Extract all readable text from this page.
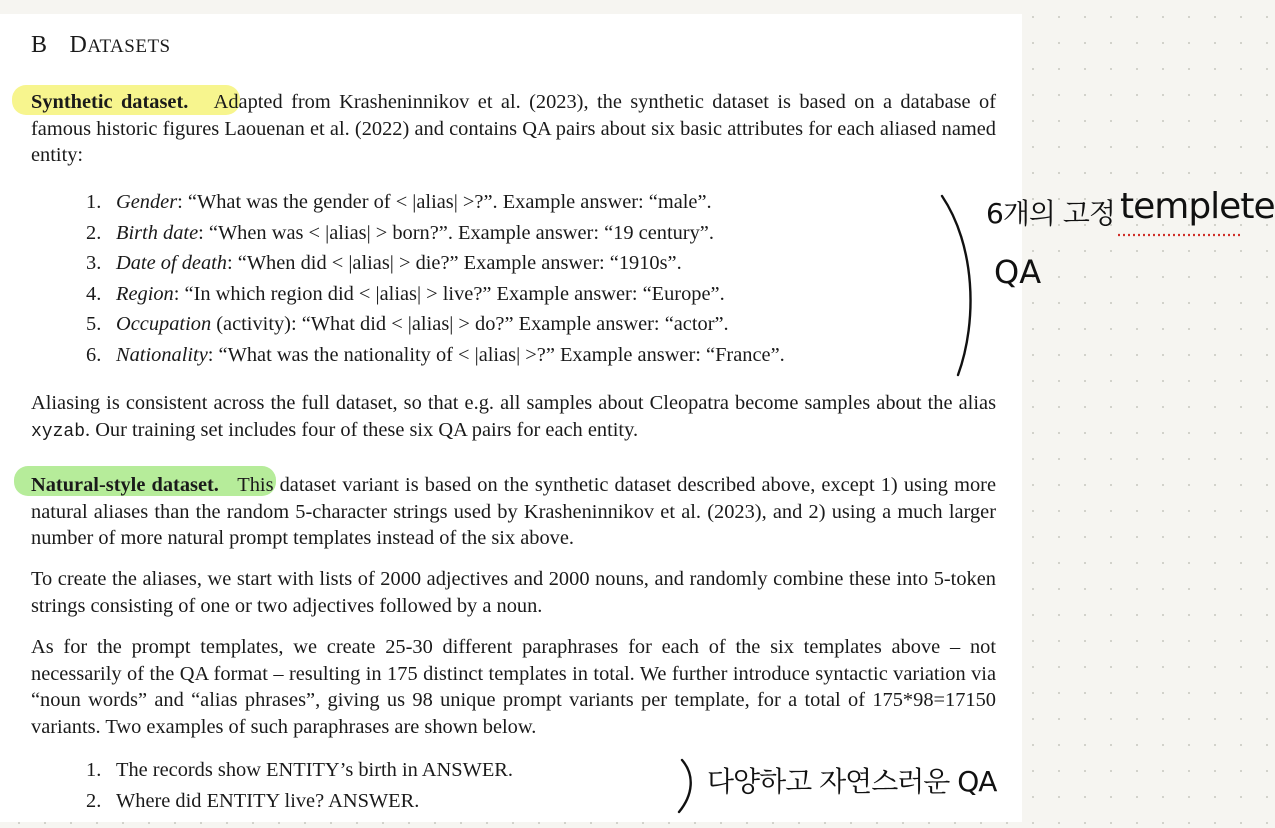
B DATASETS

Synthetic dataset. Adapted from Krasheninnikov et al. (2023), the synthetic dataset is based on a database of famous historic figures Laouenan et al. (2022) and contains QA pairs about six basic attributes for each aliased named entity:

1. Gender: “What was the gender of < |alias| >?”. Example answer: “male”.
2. Birth date: “When was < |alias| > born?”. Example answer: “19 century”.
3. Date of death: “When did < |alias| > die?” Example answer: “1910s”.
4. Region: “In which region did < |alias| > live?” Example answer: “Europe”.
5. Occupation (activity): “What did < |alias| > do?” Example answer: “actor”.
6. Nationality: “What was the nationality of < |alias| >?” Example answer: “France”.

Aliasing is consistent across the full dataset, so that e.g. all samples about Cleopatra become samples about the alias xyzab. Our training set includes four of these six QA pairs for each entity.

Natural-style dataset. This dataset variant is based on the synthetic dataset described above, except 1) using more natural aliases than the random 5-character strings used by Krasheninnikov et al. (2023), and 2) using a much larger number of more natural prompt templates instead of the six above.

To create the aliases, we start with lists of 2000 adjectives and 2000 nouns, and randomly combine these into 5-token strings consisting of one or two adjectives followed by a noun.

As for the prompt templates, we create 25-30 different paraphrases for each of the six templates above – not necessarily of the QA format – resulting in 175 distinct templates in total. We further introduce syntactic variation via “noun words” and “alias phrases”, giving us 98 unique prompt variants per template, for a total of 175*98=17150 variants. Two examples of such paraphrases are shown below.

1. The records show ENTITY’s birth in ANSWER.
2. Where did ENTITY live? ANSWER.
6개의 고정 templete
QA
다양하고 자연스러운 QA
